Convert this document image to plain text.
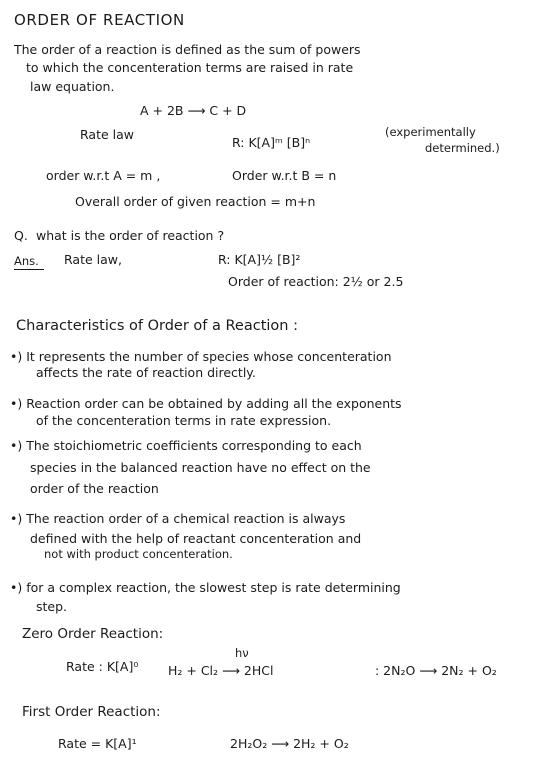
ORDER OF REACTION
The order of a reaction is defined as the sum of powers
to which the concenteration terms are raised in rate
law equation.
A + 2B ⟶ C + D
Rate law
R: K[A]ᵐ [B]ⁿ
(experimentally
determined.)
order w.r.t A = m ,	Order w.r.t B = n
Overall order of given reaction = m+n
Q. what is the order of reaction ?
Ans. Rate law,	R: K[A]½ [B]²
Order of reaction: 2½ or 2.5
Characteristics of Order of a Reaction :
•) It represents the number of species whose concenteration
affects the rate of reaction directly.
•) Reaction order can be obtained by adding all the exponents
of the concenteration terms in rate expression.
•) The stoichiometric coefficients corresponding to each
species in the balanced reaction have no effect on the
order of the reaction
•) The reaction order of a chemical reaction is always
defined with the help of reactant concenteration and
not with product concenteration.
•) for a complex reaction, the slowest step is rate determining
step.
Zero Order Reaction:
Rate : K[A]⁰
hν
H₂ + Cl₂ ⟶ 2HCl	: 2N₂O ⟶ 2N₂ + O₂
First Order Reaction:
Rate = K[A]¹	2H₂O₂ ⟶ 2H₂ + O₂
